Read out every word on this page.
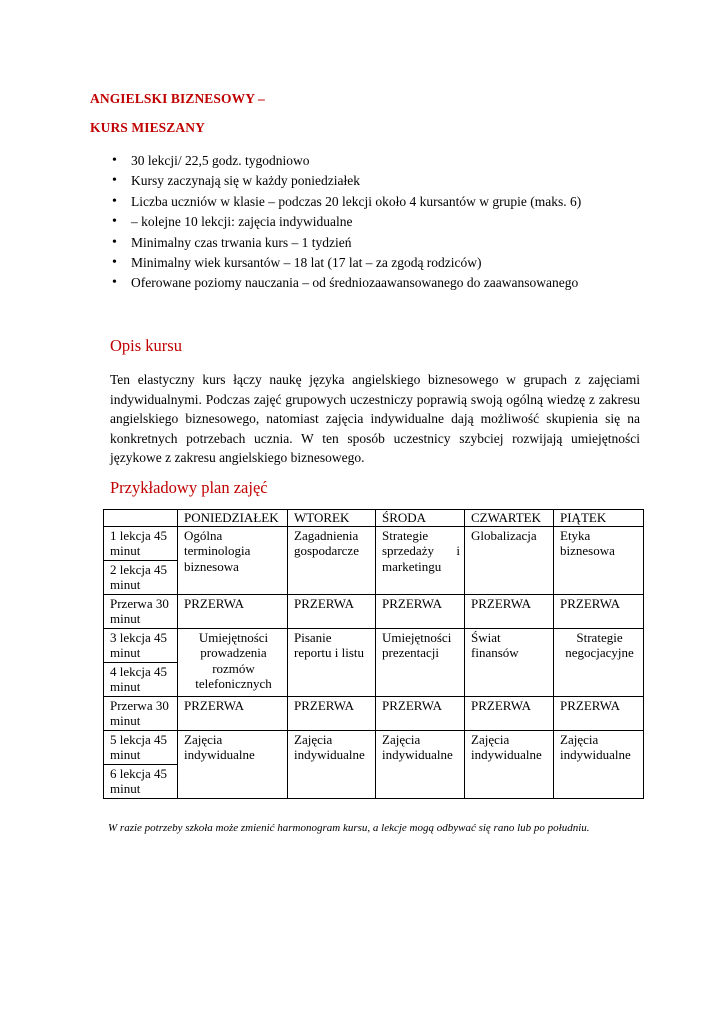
ANGIELSKI BIZNESOWY –

KURS MIESZANY

• 30 lekcji/ 22,5 godz. tygodniowo
• Kursy zaczynają się w każdy poniedziałek
• Liczba uczniów w klasie – podczas 20 lekcji około 4 kursantów w grupie (maks. 6)
• – kolejne 10 lekcji: zajęcia indywidualne
• Minimalny czas trwania kurs – 1 tydzień
• Minimalny wiek kursantów – 18 lat (17 lat – za zgodą rodziców)
• Oferowane poziomy nauczania – od średniozaawansowanego do zaawansowanego
Opis kursu

Ten elastyczny kurs łączy naukę języka angielskiego biznesowego w grupach z zajęciami indywidualnymi. Podczas zajęć grupowych uczestniczy poprawią swoją ogólną wiedzę z zakresu angielskiego biznesowego, natomiast zajęcia indywidualne dają możliwość skupienia się na konkretnych potrzebach ucznia. W ten sposób uczestnicy szybciej rozwijają umiejętności językowe z zakresu angielskiego biznesowego.

Przykładowy plan zajęć
	PONIEDZIAŁEK	WTOREK	ŚRODA	CZWARTEK	PIĄTEK
1 lekcja 45 minut	Ogólna terminologia biznesowa	Zagadnienia gospodarcze	Strategie sprzedaży i marketingu	Globalizacja	Etyka biznesowa
2 lekcja 45 minut					
Przerwa 30 minut	PRZERWA	PRZERWA	PRZERWA	PRZERWA	PRZERWA
3 lekcja 45 minut	Umiejętności prowadzenia rozmów telefonicznych	Pisanie reportu i listu	Umiejętności prezentacji	Świat finansów	Strategie negocjacyjne
4 lekcja 45 minut					
Przerwa 30 minut	PRZERWA	PRZERWA	PRZERWA	PRZERWA	PRZERWA
5 lekcja 45 minut	Zajęcia indywidualne	Zajęcia indywidualne	Zajęcia indywidualne	Zajęcia indywidualne	Zajęcia indywidualne
6 lekcja 45 minut					

W razie potrzeby szkoła może zmienić harmonogram kursu, a lekcje mogą odbywać się rano lub po południu.
